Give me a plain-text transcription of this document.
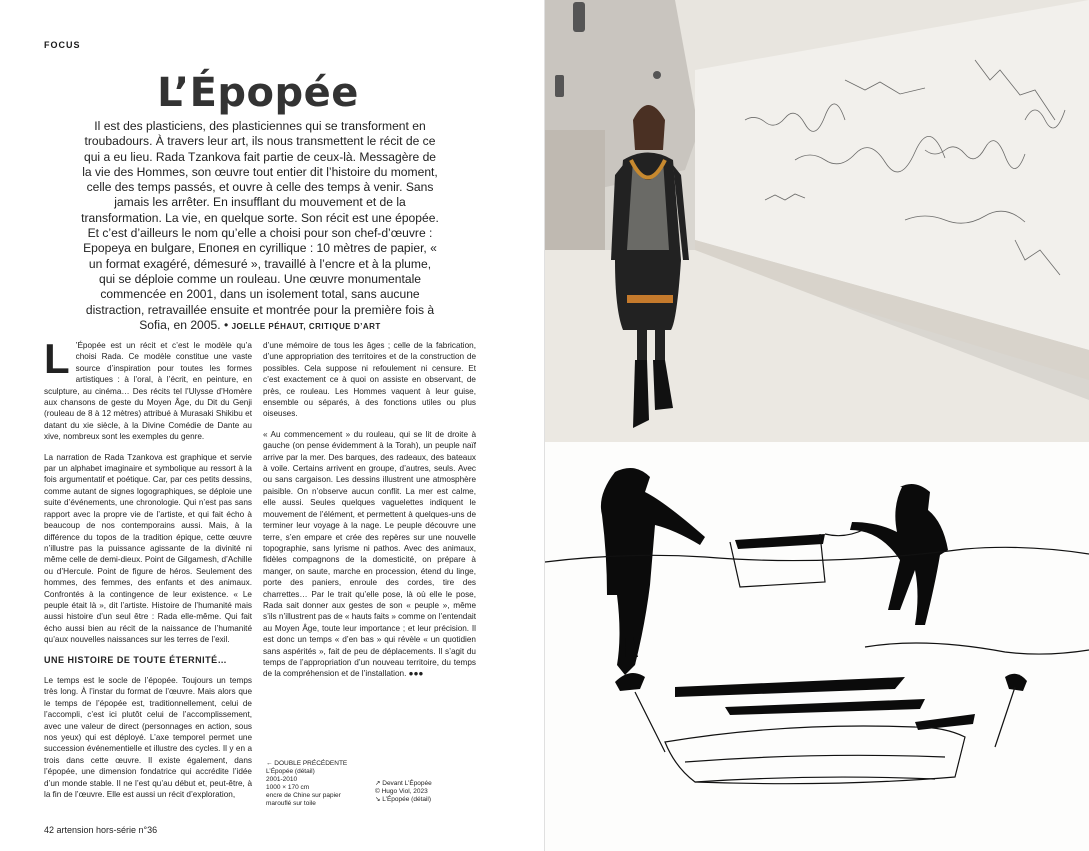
FOCUS
L’Épopée
Il est des plasticiens, des plasticiennes qui se transforment en troubadours. À travers leur art, ils nous transmettent le récit de ce qui a eu lieu. Rada Tzankova fait partie de ceux-là. Messagère de la vie des Hommes, son œuvre tout entier dit l’histoire du moment, celle des temps passés, et ouvre à celle des temps à venir. Sans jamais les arrêter. En insufflant du mouvement et de la transformation. La vie, en quelque sorte. Son récit est une épopée. Et c’est d’ailleurs le nom qu’elle a choisi pour son chef-d’œuvre : Epopeya en bulgare, Eпопея en cyrillique : 10 mètres de papier, « un format exagéré, démesuré », travaillé à l’encre et à la plume, qui se déploie comme un rouleau. Une œuvre monumentale commencée en 2001, dans un isolement total, sans aucune distraction, retravaillée ensuite et montrée pour la première fois à Sofia, en 2005. • JOELLE PÉHAUT, CRITIQUE D’ART

L ’Épopée est un récit et c’est le modèle qu’a choisi Rada. Ce modèle constitue une vaste source d’inspiration pour toutes les formes artistiques : à l’oral, à l’écrit, en peinture, en sculpture, au cinéma… Des récits tel l’Ulysse d’Homère aux chansons de geste du Moyen Âge, du Dit du Genji (rouleau de 8 à 12 mètres) attribué à Murasaki Shikibu et datant du xie siècle, à la Divine Comédie de Dante au xive, nombreux sont les exemples du genre.

La narration de Rada Tzankova est graphique et servie par un alphabet imaginaire et symbolique au ressort à la fois argumentatif et poétique. Car, par ces petits dessins, comme autant de signes logographiques, se déploie une suite d’événements, une chronologie. Qui n’est pas sans rapport avec la propre vie de l’artiste, et qui fait écho à beaucoup de nos contemporains aussi. Mais, à la différence du topos de la tradition épique, cette œuvre n’illustre pas la puissance agissante de la divinité ni même celle de demi-dieux. Point de Gilgamesh, d’Achille ou d’Hercule. Point de figure de héros. Seulement des hommes, des femmes, des enfants et des animaux. Confrontés à la contingence de leur existence. « Le peuple était là », dit l’artiste. Histoire de l’humanité mais aussi histoire d’un seul être : Rada elle-même. Qui fait écho aussi bien au récit de la naissance de l’humanité qu’aux nouvelles naissances sur les terres de l’exil.

UNE HISTOIRE DE TOUTE ÉTERNITÉ…

Le temps est le socle de l’épopée. Toujours un temps très long. À l’instar du format de l’œuvre. Mais alors que le temps de l’épopée est, traditionnellement, celui de l’accompli, c’est ici plutôt celui de l’accomplissement, avec une valeur de direct (personnages en action, sous nos yeux) qui est déployé. L’axe temporel permet une succession événementielle et illustre des cycles. Il y en a trois dans cette œuvre. Il existe également, dans l’épopée, une dimension fondatrice qui accrédite l’idée d’un monde stable. Il ne l’est qu’au début et, peut-être, à la fin de l’œuvre. Elle est aussi un récit d’exploration,

d’une mémoire de tous les âges ; celle de la fabrication, d’une appropriation des territoires et de la construction de possibles. Cela suppose ni refoulement ni censure. Et c’est exactement ce à quoi on assiste en observant, de près, ce rouleau. Les Hommes vaquent à leur guise, ensemble ou séparés, à des fonctions utiles ou plus oiseuses.

« Au commencement » du rouleau, qui se lit de droite à gauche (on pense évidemment à la Torah), un peuple naïf arrive par la mer. Des barques, des radeaux, des bateaux à voile. Certains arrivent en groupe, d’autres, seuls. Avec ou sans cargaison. Les dessins illustrent une atmosphère paisible. On n’observe aucun conflit. La mer est calme, elle aussi. Seules quelques vaguelettes indiquent le mouvement de l’élément, et permettent à quelques-uns de terminer leur voyage à la nage. Le peuple découvre une terre, s’en empare et crée des repères sur une nouvelle topographie, sans lyrisme ni pathos. Avec des animaux, fidèles compagnons de la domesticité, on prépare à manger, on saute, marche en procession, étend du linge, porte des paniers, enroule des cordes, tire des charrettes… Par le trait qu’elle pose, là où elle le pose, Rada sait donner aux gestes de son « peuple », même s’ils n’illustrent pas de « hauts faits » comme on l’entendait au Moyen Âge, toute leur importance ; et leur précision. Il est donc un temps « d’en bas » qui révèle « un quotidien sans aspérités », fait de peu de déplacements. Il s’agit du temps de l’appropriation d’un nouveau territoire, du temps de la compréhension et de l’installation. ●●●

← DOUBLE PRÉCÉDENTE
L’Épopée (détail)
2001-2010
1000 × 170 cm
encre de Chine sur papier
marouflé sur toile
↗ Devant L’Épopée
© Hugo Viol, 2023
↘ L’Épopée (détail)
42 artension hors-série n°36
